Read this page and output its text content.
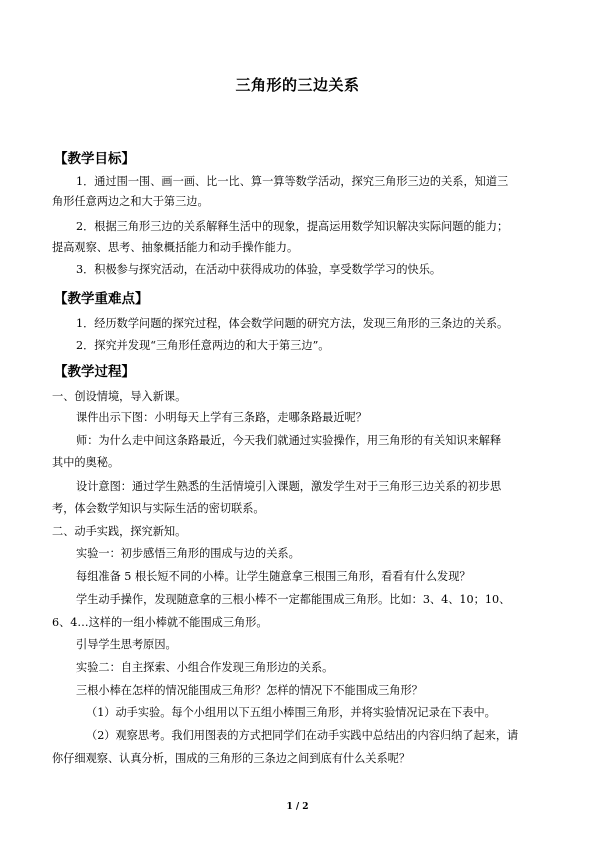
三角形的三边关系
【教学目标】
1．通过围一围、画一画、比一比、算一算等数学活动，探究三角形三边的关系，知道三
角形任意两边之和大于第三边。
2．根据三角形三边的关系解释生活中的现象，提高运用数学知识解决实际问题的能力；
提高观察、思考、抽象概括能力和动手操作能力。
3．积极参与探究活动，在活动中获得成功的体验，享受数学学习的快乐。
【教学重难点】
1．经历数学问题的探究过程，体会数学问题的研究方法，发现三角形的三条边的关系。
2．探究并发现“三角形任意两边的和大于第三边”。
【教学过程】
一、创设情境，导入新课。
课件出示下图：小明每天上学有三条路，走哪条路最近呢？
师：为什么走中间这条路最近，今天我们就通过实验操作，用三角形的有关知识来解释
其中的奥秘。
设计意图：通过学生熟悉的生活情境引入课题，激发学生对于三角形三边关系的初步思
考，体会数学知识与实际生活的密切联系。
二、动手实践，探究新知。
实验一：初步感悟三角形的围成与边的关系。
每组准备 5 根长短不同的小棒。让学生随意拿三根围三角形，看看有什么发现？
学生动手操作，发现随意拿的三根小棒不一定都能围成三角形。比如：3、4、10；10、
6、4…这样的一组小棒就不能围成三角形。
引导学生思考原因。
实验二：自主探索、小组合作发现三角形边的关系。
三根小棒在怎样的情况能围成三角形？怎样的情况下不能围成三角形？
（1）动手实验。每个小组用以下五组小棒围三角形，并将实验情况记录在下表中。
（2）观察思考。我们用图表的方式把同学们在动手实践中总结出的内容归纳了起来，请
你仔细观察、认真分析，围成的三角形的三条边之间到底有什么关系呢？
1 / 2
